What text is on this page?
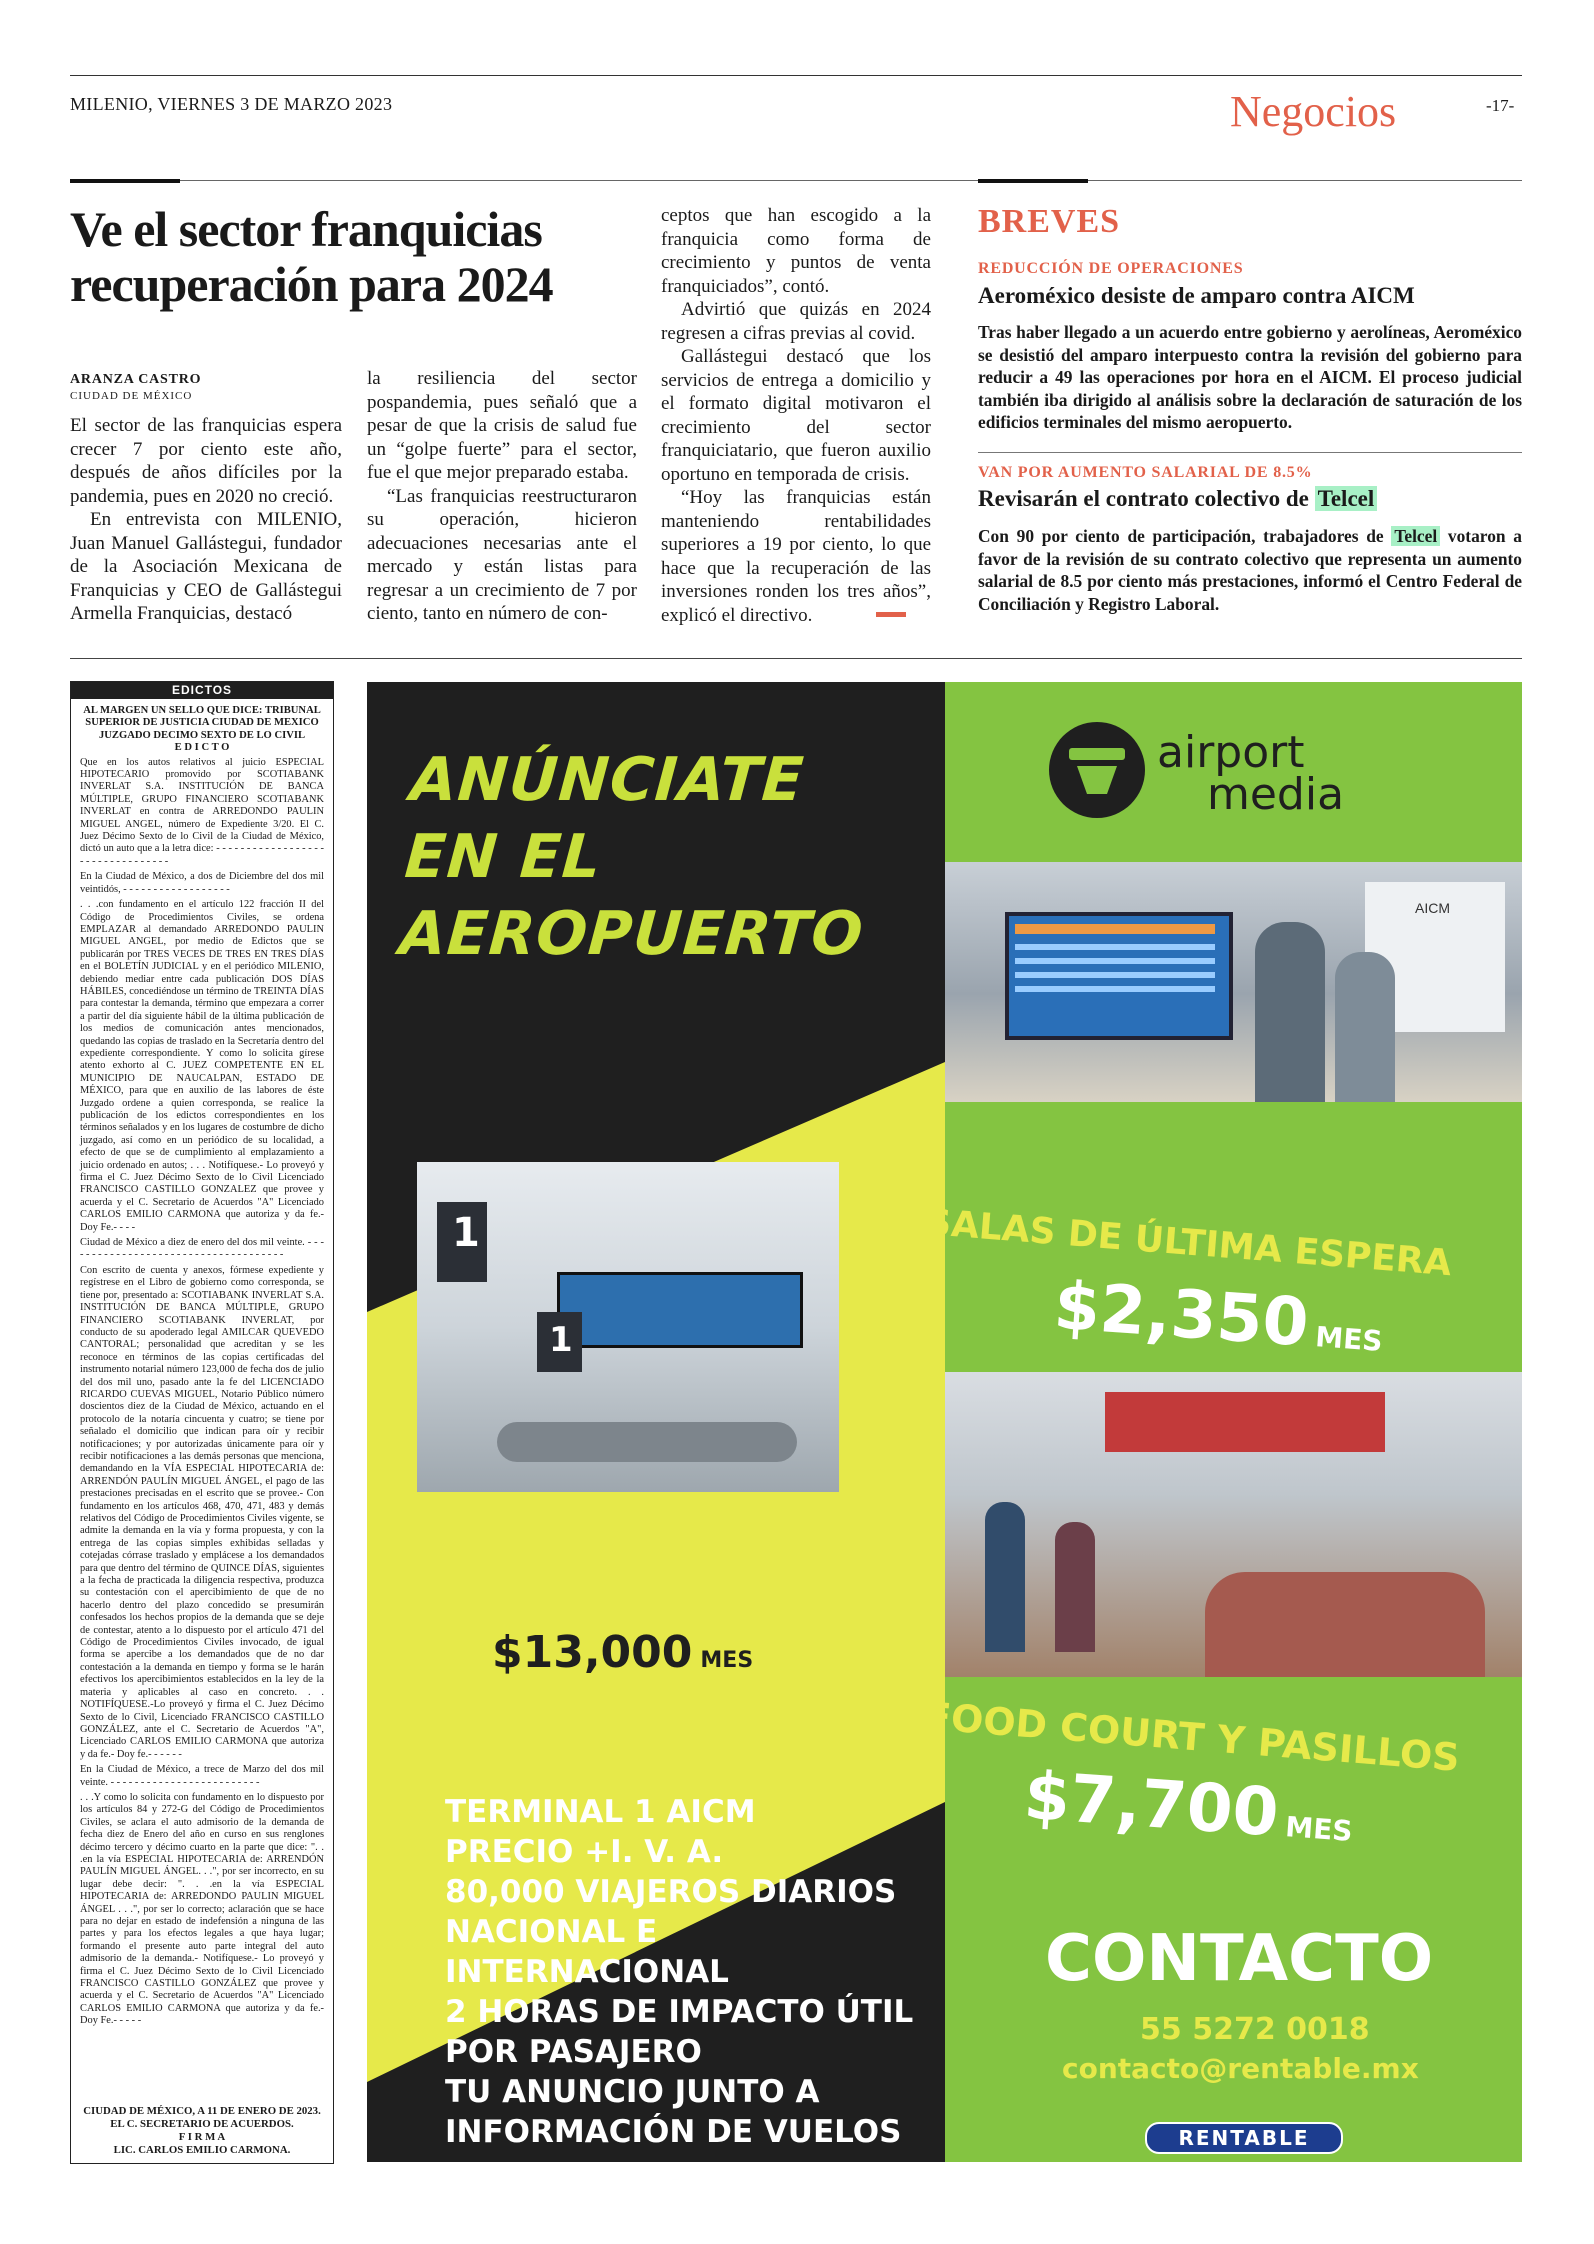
MILENIO, VIERNES 3 DE MARZO 2023	Negocios	-17-
Ve el sector franquicias
recuperación para 2024
ARANZA CASTRO
CIUDAD DE MÉXICO

El sector de las franquicias espera crecer 7 por ciento este año, después de años difíciles por la pandemia, pues en 2020 no creció.

En entrevista con MILENIO, Juan Manuel Gallástegui, fundador de la Asociación Mexicana de Franquicias y CEO de Gallástegui Armella Franquicias, destacó

la resiliencia del sector pospandemia, pues señaló que a pesar de que la crisis de salud fue un “golpe fuerte” para el sector, fue el que mejor preparado estaba.

“Las franquicias reestructuraron su operación, hicieron adecuaciones necesarias ante el mercado y están listas para regresar a un crecimiento de 7 por ciento, tanto en número de con-

ceptos que han escogido a la franquicia como forma de crecimiento y puntos de venta franquiciados”, contó.

Advirtió que quizás en 2024 regresen a cifras previas al covid.

Gallástegui destacó que los servicios de entrega a domicilio y el formato digital motivaron el crecimiento del sector franquiciatario, que fueron auxilio oportuno en temporada de crisis.

“Hoy las franquicias están manteniendo rentabilidades superiores a 19 por ciento, lo que hace que la recuperación de las inversiones ronden los tres años”, explicó el directivo.

BREVES
REDUCCIÓN DE OPERACIONES
Aeroméxico desiste de amparo contra AICM
Tras haber llegado a un acuerdo entre gobierno y aerolíneas, Aeroméxico se desistió del amparo interpuesto contra la revisión del gobierno para reducir a 49 las operaciones por hora en el AICM. El proceso judicial también iba dirigido al análisis sobre la declaración de saturación de los edificios terminales del mismo aeropuerto.
VAN POR AUMENTO SALARIAL DE 8.5%
Revisarán el contrato colectivo de Telcel
Con 90 por ciento de participación, trabajadores de Telcel votaron a favor de la revisión de su contrato colectivo que representa un aumento salarial de 8.5 por ciento más prestaciones, informó el Centro Federal de Conciliación y Registro Laboral.
EDICTOS
AL MARGEN UN SELLO QUE DICE: TRIBUNAL SUPERIOR DE JUSTICIA CIUDAD DE MEXICO JUZGADO DECIMO SEXTO DE LO CIVIL
E D I C T O

Que en los autos relativos al juicio ESPECIAL HIPOTECARIO promovido por SCOTIABANK INVERLAT S.A. INSTITUCIÓN DE BANCA MÚLTIPLE, GRUPO FINANCIERO SCOTIABANK INVERLAT en contra de ARREDONDO PAULIN MIGUEL ANGEL, número de Expediente 3/20. El C. Juez Décimo Sexto de lo Civil de la Ciudad de México, dictó un auto que a la letra dice: - - - - - - - - - - - - - - - - - - - - - - - - - - - - - - - - -

En la Ciudad de México, a dos de Diciembre del dos mil veintidós, - - - - - - - - - - - - - - - - - -

. . .con fundamento en el artículo 122 fracción II del Código de Procedimientos Civiles, se ordena EMPLAZAR al demandado ARREDONDO PAULIN MIGUEL ANGEL, por medio de Edictos que se publicarán por TRES VECES DE TRES EN TRES DÍAS en el BOLETÍN JUDICIAL y en el periódico MILENIO, debiendo mediar entre cada publicación DOS DÍAS HÁBILES, concediéndose un término de TREINTA DÍAS para contestar la demanda, término que empezara a correr a partir del día siguiente hábil de la última publicación de los medios de comunicación antes mencionados, quedando las copias de traslado en la Secretaría dentro del expediente correspondiente. Y como lo solicita gírese atento exhorto al C. JUEZ COMPETENTE EN EL MUNICIPIO DE NAUCALPAN, ESTADO DE MÉXICO, para que en auxilio de las labores de éste Juzgado ordene a quien corresponda, se realice la publicación de los edictos correspondientes en los términos señalados y en los lugares de costumbre de dicho juzgado, así como en un periódico de su localidad, a efecto de que se de cumplimiento al emplazamiento a juicio ordenado en autos; . . . Notifíquese.- Lo proveyó y firma el C. Juez Décimo Sexto de lo Civil Licenciado FRANCISCO CASTILLO GONZALEZ que provee y acuerda y el C. Secretario de Acuerdos "A" Licenciado CARLOS EMILIO CARMONA que autoriza y da fe.- Doy Fe.- - - -

Ciudad de México a diez de enero del dos mil veinte. - - - - - - - - - - - - - - - - - - - - - - - - - - - - - - - - - - - - -

Con escrito de cuenta y anexos, fórmese expediente y regístrese en el Libro de gobierno como corresponda, se tiene por, presentado a: SCOTIABANK INVERLAT S.A. INSTITUCIÓN DE BANCA MÚLTIPLE, GRUPO FINANCIERO SCOTIABANK INVERLAT, por conducto de su apoderado legal AMILCAR QUEVEDO CANTORAL; personalidad que acreditan y se les reconoce en términos de las copias certificadas del instrumento notarial número 123,000 de fecha dos de julio del dos mil uno, pasado ante la fe del LICENCIADO RICARDO CUEVAS MIGUEL, Notario Público número doscientos diez de la Ciudad de México, actuando en el protocolo de la notaría cincuenta y cuatro; se tiene por señalado el domicilio que indican para oír y recibir notificaciones; y por autorizadas únicamente para oír y recibir notificaciones a las demás personas que menciona, demandando en la VÍA ESPECIAL HIPOTECARIA de: ARRENDÓN PAULÍN MIGUEL ÁNGEL, el pago de las prestaciones precisadas en el escrito que se provee.- Con fundamento en los artículos 468, 470, 471, 483 y demás relativos del Código de Procedimientos Civiles vigente, se admite la demanda en la vía y forma propuesta, y con la entrega de las copias simples exhibidas selladas y cotejadas córrase traslado y emplácese a los demandados para que dentro del término de QUINCE DÍAS, siguientes a la fecha de practicada la diligencia respectiva, produzca su contestación con el apercibimiento de que de no hacerlo dentro del plazo concedido se presumirán confesados los hechos propios de la demanda que se deje de contestar, atento a lo dispuesto por el artículo 471 del Código de Procedimientos Civiles invocado, de igual forma se apercibe a los demandados que de no dar contestación a la demanda en tiempo y forma se le harán efectivos los apercibimientos establecidos en la ley de la materia y aplicables al caso en concreto. . . NOTIFÍQUESE.-Lo proveyó y firma el C. Juez Décimo Sexto de lo Civil, Licenciado FRANCISCO CASTILLO GONZÁLEZ, ante el C. Secretario de Acuerdos "A", Licenciado CARLOS EMILIO CARMONA que autoriza y da fe.- Doy fe.- - - - - -

En la Ciudad de México, a trece de Marzo del dos mil veinte. - - - - - - - - - - - - - - - - - - - - - - - - -

. . .Y como lo solicita con fundamento en lo dispuesto por los artículos 84 y 272-G del Código de Procedimientos Civiles, se aclara el auto admisorio de la demanda de fecha diez de Enero del año en curso en sus renglones décimo tercero y décimo cuarto en la parte que dice: ". . .en la vía ESPECIAL HIPOTECARIA de: ARRENDÓN PAULÍN MIGUEL ÁNGEL. . .", por ser incorrecto, en su lugar debe decir: ". . .en la vía ESPECIAL HIPOTECARIA de: ARREDONDO PAULIN MIGUEL ÁNGEL . . .", por ser lo correcto; aclaración que se hace para no dejar en estado de indefensión a ninguna de las partes y para los efectos legales a que haya lugar; formando el presente auto parte integral del auto admisorio de la demanda.- Notifíquese.- Lo proveyó y firma el C. Juez Décimo Sexto de lo Civil Licenciado FRANCISCO CASTILLO GONZÁLEZ que provee y acuerda y el C. Secretario de Acuerdos "A" Licenciado CARLOS EMILIO CARMONA que autoriza y da fe.- Doy Fe.- - - - -

CIUDAD DE MÉXICO, A 11 DE ENERO DE 2023.
EL C. SECRETARIO DE ACUERDOS.
F I R M A
LIC. CARLOS EMILIO CARMONA.
ANÚNCIATE
EN EL
AEROPUERTO
airport
media
AICM
SALAS DE ÚLTIMA ESPERA
$2,350 MES
1
1
$13,000 MES
FOOD COURT Y PASILLOS
$7,700 MES
TERMINAL 1 AICM
PRECIO +I. V. A.
80,000 VIAJEROS DIARIOS
NACIONAL E INTERNACIONAL
2 HORAS DE IMPACTO ÚTIL
POR PASAJERO
TU ANUNCIO JUNTO A
INFORMACIÓN DE VUELOS
CONTACTO
55 5272 0018
contacto@rentable.mx
RENTABLE
